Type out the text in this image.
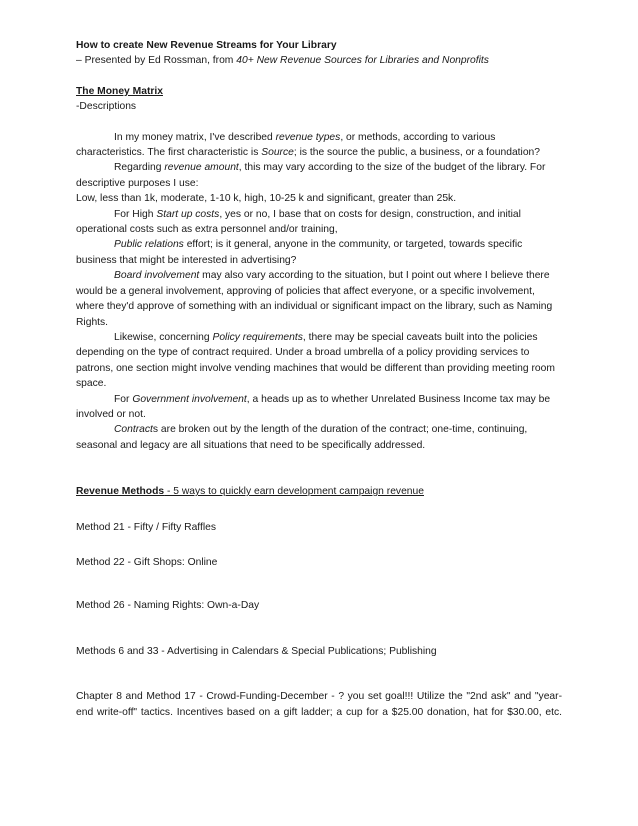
How to create New Revenue Streams for Your Library

– Presented by Ed Rossman, from 40+ New Revenue Sources for Libraries and Nonprofits

The Money Matrix

-Descriptions

In my money matrix, I've described revenue types, or methods, according to various characteristics. The first characteristic is Source; is the source the public, a business, or a foundation?

Regarding revenue amount, this may vary according to the size of the budget of the library. For descriptive purposes I use:

Low, less than 1k, moderate, 1-10 k, high, 10-25 k and significant, greater than 25k.

For High Start up costs, yes or no, I base that on costs for design, construction, and initial operational costs such as extra personnel and/or training,

Public relations effort; is it general, anyone in the community, or targeted, towards specific business that might be interested in advertising?

Board involvement may also vary according to the situation, but I point out where I believe there would be a general involvement, approving of policies that affect everyone, or a specific involvement, where they'd approve of something with an individual or significant impact on the library, such as Naming Rights.

Likewise, concerning Policy requirements, there may be special caveats built into the policies depending on the type of contract required. Under a broad umbrella of a policy providing services to patrons, one section might involve vending machines that would be different than providing meeting room space.

For Government involvement, a heads up as to whether Unrelated Business Income tax may be involved or not.

Contracts are broken out by the length of the duration of the contract; one-time, continuing, seasonal and legacy are all situations that need to be specifically addressed.

Revenue Methods - 5 ways to quickly earn development campaign revenue

Method 21 - Fifty / Fifty Raffles

Method 22 - Gift Shops: Online

Method 26 - Naming Rights: Own-a-Day

Methods 6 and 33 - Advertising in Calendars & Special Publications; Publishing

Chapter 8 and Method 17 - Crowd-Funding-December - ? you set goal!!! Utilize the "2nd ask" and "year-end write-off" tactics. Incentives based on a gift ladder; a cup for a $25.00 donation, hat for $30.00, etc.
